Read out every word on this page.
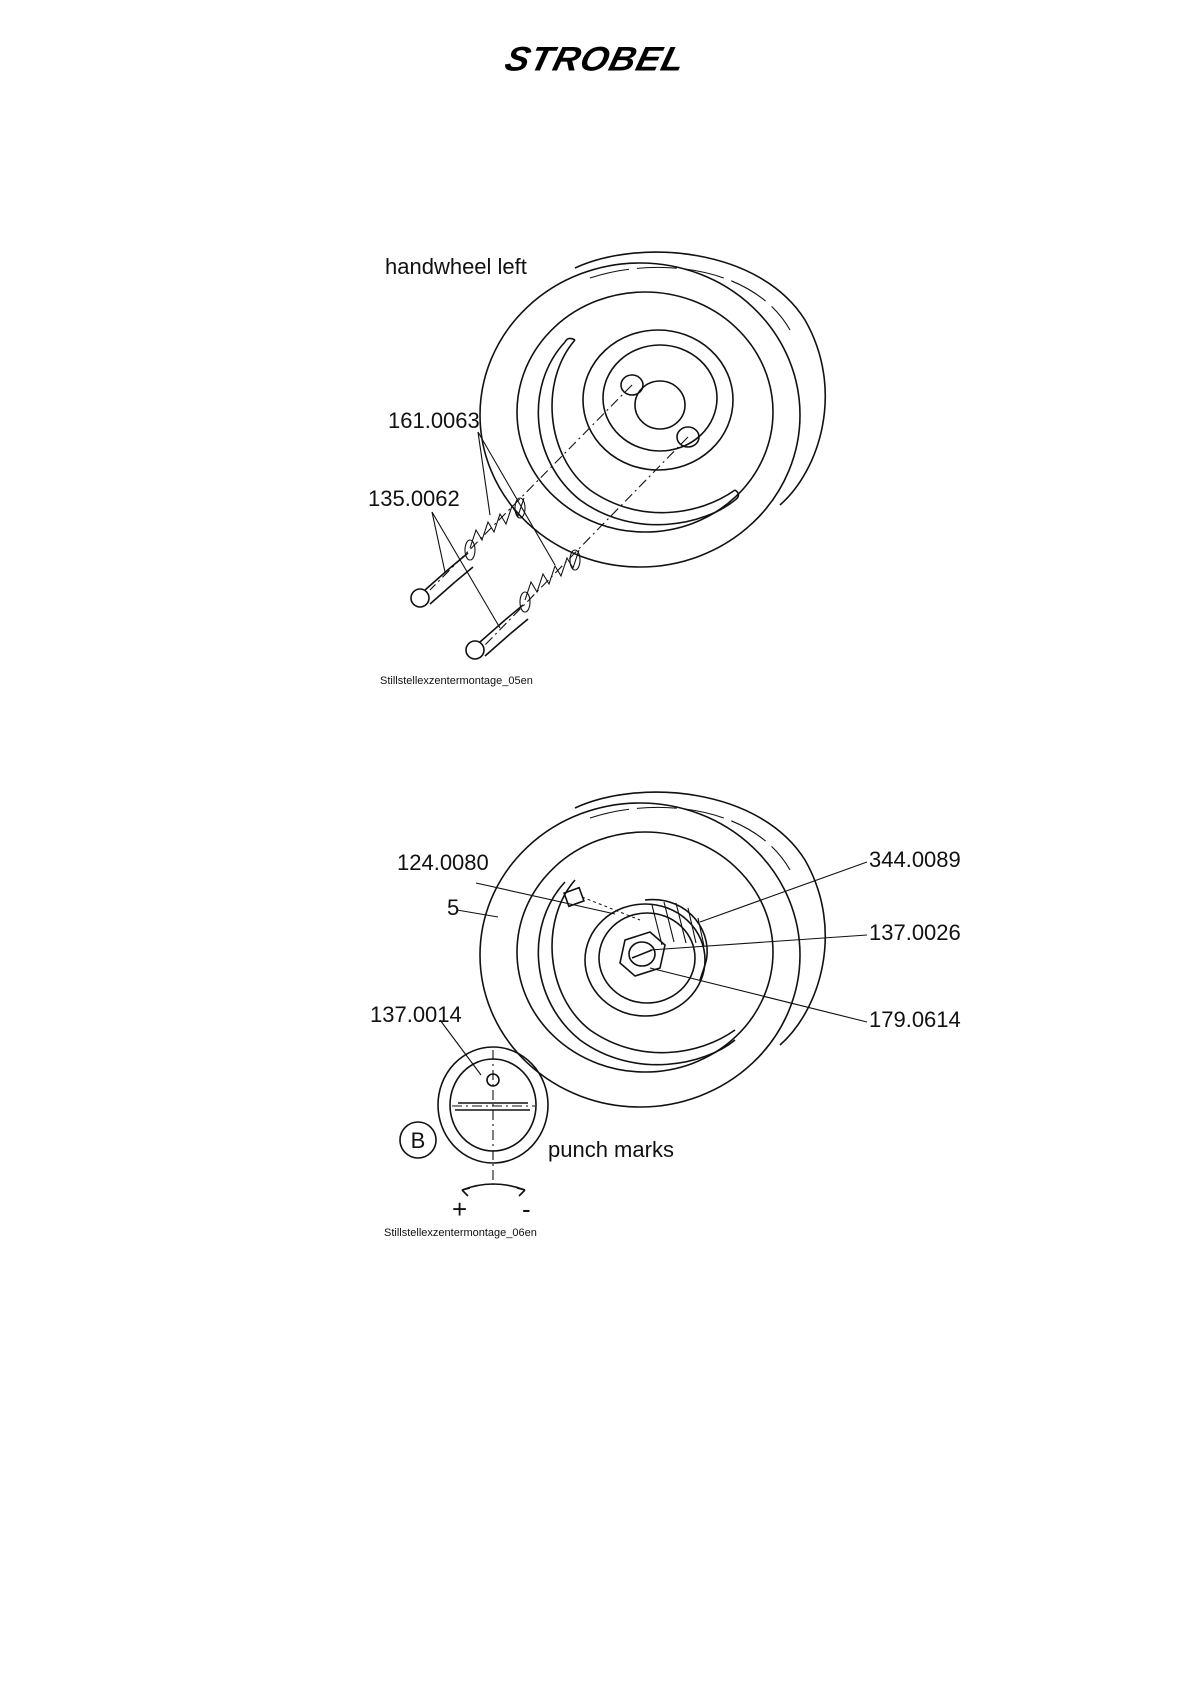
STROBEL
handwheel left
161.0063
135.0062
Stillstellexzentermontage_05en
124.0080
5
137.0014
344.0089
137.0026
179.0614
B	punch marks
+ -
Stillstellexzentermontage_06en
